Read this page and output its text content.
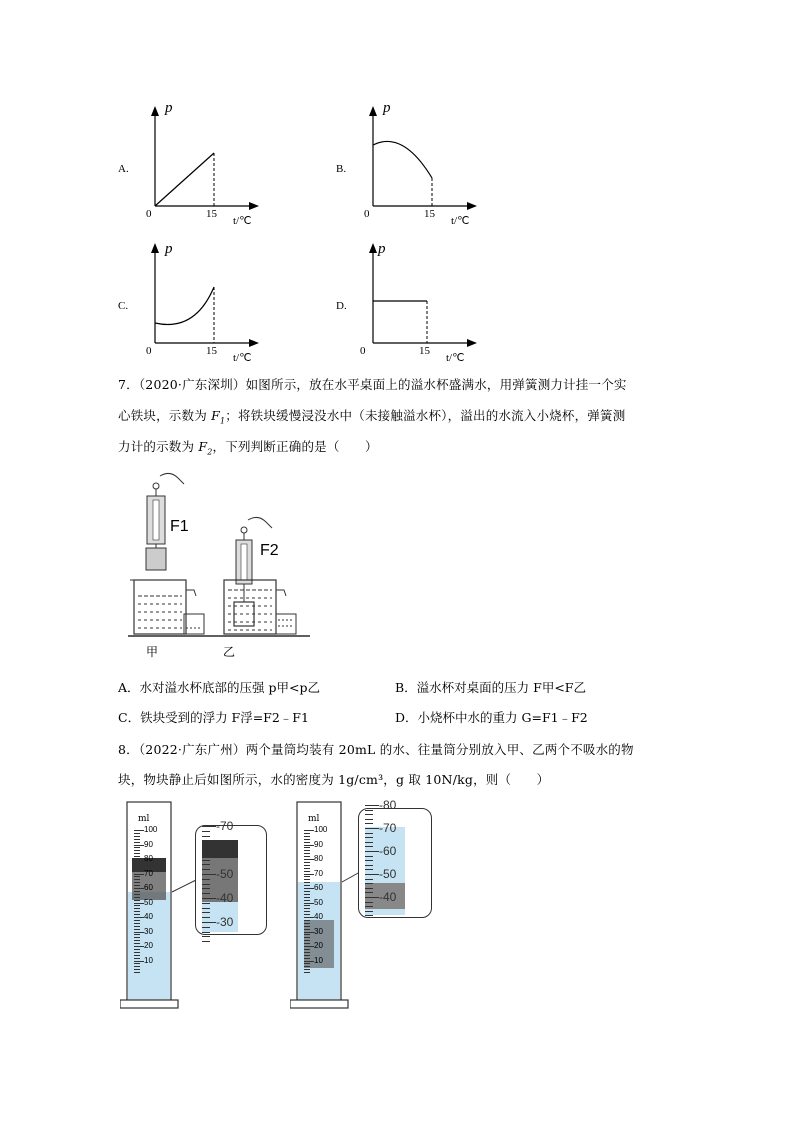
A.
p
0	15
t/℃
B.
p
0	15
t/℃
C.
p
0	15
t/℃
D.
p
0	15
t/℃
7．（2020·广东深圳）如图所示，放在水平桌面上的溢水杯盛满水，用弹簧测力计挂一个实
心铁块，示数为 $F_1$；将铁块缓慢浸没水中（未接触溢水杯），溢出的水流入小烧杯，弹簧测
力计的示数为 $F_2$，下列判断正确的是（　　）
F1
F2
甲	乙
A．水对溢水杯底部的压强 p甲<p乙	B．溢水杯对桌面的压力 F甲<F乙
C．铁块受到的浮力 F浮=F2﹣F1	D．小烧杯中水的重力 G=F1﹣F2
8．（2022·广东广州）两个量筒均装有 20mL 的水、往量筒分别放入甲、乙两个不吸水的物
块，物块静止后如图所示，水的密度为 1g/cm³，g 取 10N/kg，则（　　）
ml
100
90
80
70
60
50
40
30
20
10
-70
-60
-50
-40
-30
ml
100
90
80
70
60
50
40
30
20
10
-80
-70
-60
-50
-40
